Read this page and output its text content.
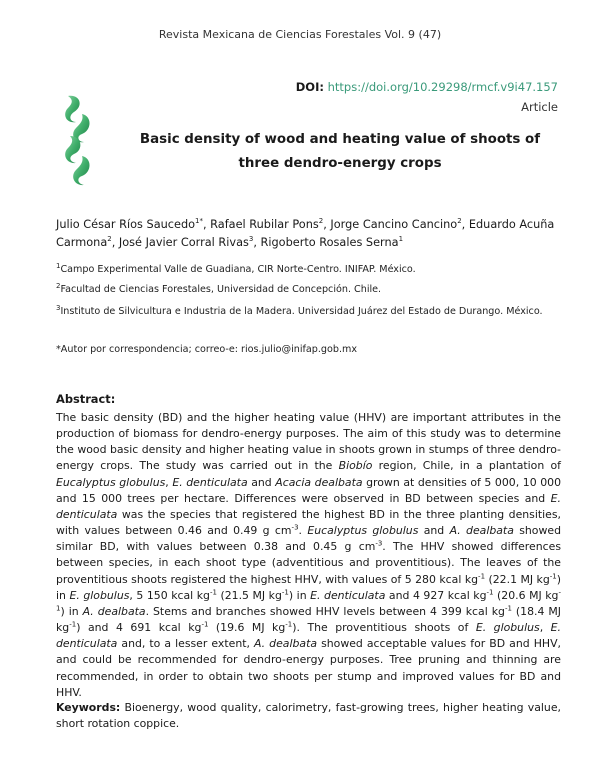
Revista Mexicana de Ciencias Forestales Vol. 9 (47)
DOI: https://doi.org/10.29298/rmcf.v9i47.157
Article
Basic density of wood and heating value of shoots of
three dendro-energy crops
Julio César Ríos Saucedo$^{1*}$, Rafael Rubilar Pons$^2$, Jorge Cancino Cancino$^2$, Eduardo Acuña Carmona$^2$, José Javier Corral Rivas$^3$, Rigoberto Rosales Serna$^1$
$^1$Campo Experimental Valle de Guadiana, CIR Norte-Centro. INIFAP. México.
$^2$Facultad de Ciencias Forestales, Universidad de Concepción. Chile.
$^3$Instituto de Silvicultura e Industria de la Madera. Universidad Juárez del Estado de Durango. México.
*Autor por correspondencia; correo-e: rios.julio@inifap.gob.mx
Abstract:
The basic density (BD) and the higher heating value (HHV) are important attributes in the production of biomass for dendro-energy purposes. The aim of this study was to determine the wood basic density and higher heating value in shoots grown in stumps of three dendro-energy crops. The study was carried out in the Biobío region, Chile, in a plantation of Eucalyptus globulus, E. denticulata and Acacia dealbata grown at densities of 5 000, 10 000 and 15 000 trees per hectare. Differences were observed in BD between species and E. denticulata was the species that registered the highest BD in the three planting densities, with values between 0.46 and 0.49 g $cm^{-3}$. Eucalyptus globulus and A. dealbata showed similar BD, with values between 0.38 and 0.45 g $cm^{-3}$. The HHV showed differences between species, in each shoot type (adventitious and proventitious). The leaves of the proventitious shoots registered the highest HHV, with values of 5 280 kcal $kg^{-1}$ (22.1 MJ $kg^{-1}$) in E. globulus, 5 150 kcal $kg^{-1}$ (21.5 MJ $kg^{-1}$) in E. denticulata and 4 927 kcal $kg^{-1}$ (20.6 MJ $kg^{-1}$) in A. dealbata. Stems and branches showed HHV levels between 4 399 kcal $kg^{-1}$ (18.4 MJ $kg^{-1}$) and 4 691 kcal $kg^{-1}$ (19.6 MJ $kg^{-1}$). The proventitious shoots of E. globulus, E. denticulata and, to a lesser extent, A. dealbata showed acceptable values for BD and HHV, and could be recommended for dendro-energy purposes. Tree pruning and thinning are recommended, in order to obtain two shoots per stump and improved values for BD and HHV.
Keywords: Bioenergy, wood quality, calorimetry, fast-growing trees, higher heating value, short rotation coppice.
